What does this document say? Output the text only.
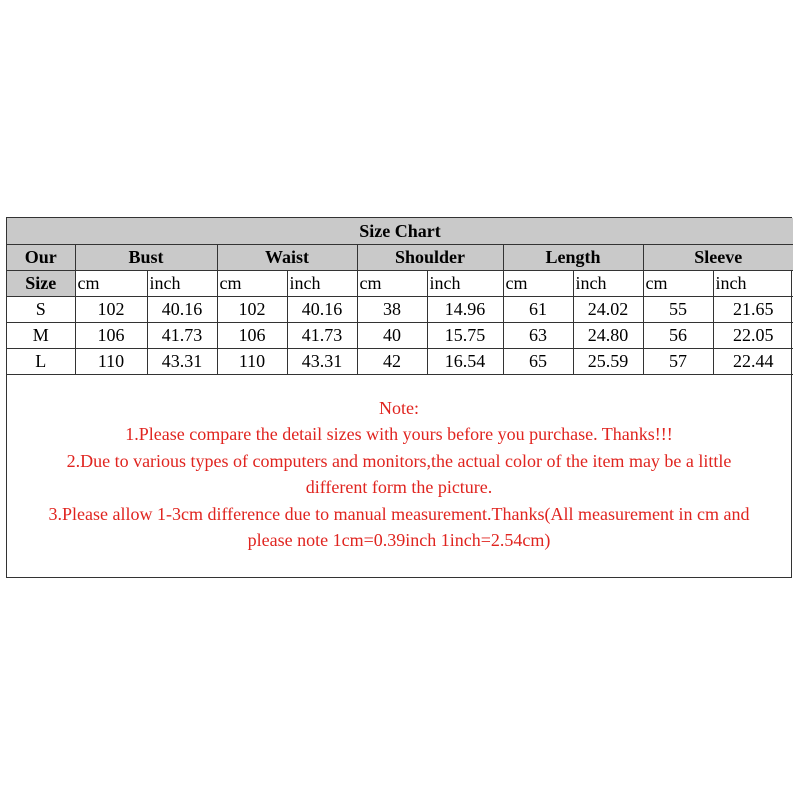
Size Chart										
Our	Bust		Waist		Shoulder		Length		Sleeve	
Size	cm	inch	cm	inch	cm	inch	cm	inch	cm	inch
S	102	40.16	102	40.16	38	14.96	61	24.02	55	21.65
M	106	41.73	106	41.73	40	15.75	63	24.80	56	22.05
L	110	43.31	110	43.31	42	16.54	65	25.59	57	22.44
Note:
1.Please compare the detail sizes with yours before you purchase. Thanks!!!
2.Due to various types of computers and monitors,the actual color of the item may be a little
different form the picture.
3.Please allow 1-3cm difference due to manual measurement.Thanks(All measurement in cm and
please note 1cm=0.39inch 1inch=2.54cm)
